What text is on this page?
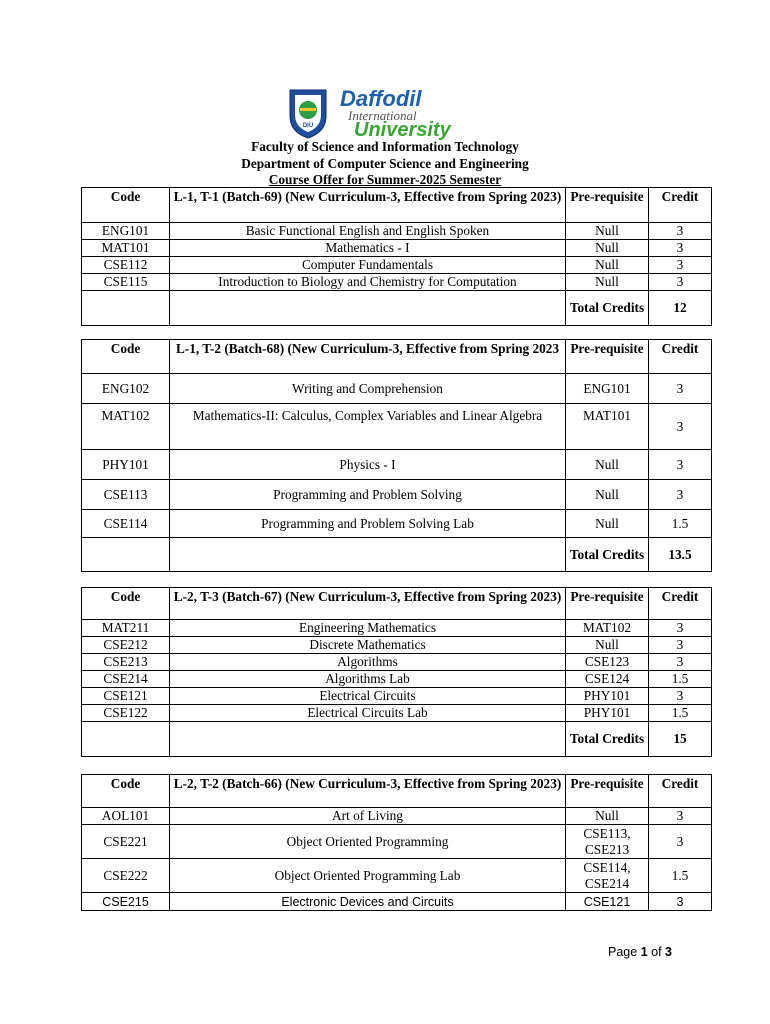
DIU
Daffodil
International
University
Faculty of Science and Information Technology
Department of Computer Science and Engineering
Course Offer for Summer-2025 Semester
Code	L-1, T-1 (Batch-69) (New Curriculum-3, Effective from Spring 2023)	Pre-requisite	Credit
ENG101	Basic Functional English and English Spoken	Null	3
MAT101	Mathematics - I	Null	3
CSE112	Computer Fundamentals	Null	3
CSE115	Introduction to Biology and Chemistry for Computation	Null	3
		Total Credits	12
Code	L-1, T-2 (Batch-68) (New Curriculum-3, Effective from Spring 2023	Pre-requisite	Credit
ENG102	Writing and Comprehension	ENG101	3
MAT102	Mathematics-II: Calculus, Complex Variables and Linear Algebra	MAT101	3
PHY101	Physics - I	Null	3
CSE113	Programming and Problem Solving	Null	3
CSE114	Programming and Problem Solving Lab	Null	1.5
		Total Credits	13.5
Code	L-2, T-3 (Batch-67) (New Curriculum-3, Effective from Spring 2023)	Pre-requisite	Credit
MAT211	Engineering Mathematics	MAT102	3
CSE212	Discrete Mathematics	Null	3
CSE213	Algorithms	CSE123	3
CSE214	Algorithms Lab	CSE124	1.5
CSE121	Electrical Circuits	PHY101	3
CSE122	Electrical Circuits Lab	PHY101	1.5
		Total Credits	15
Code	L-2, T-2 (Batch-66) (New Curriculum-3, Effective from Spring 2023)	Pre-requisite	Credit
AOL101	Art of Living	Null	3
CSE221	Object Oriented Programming	CSE113, CSE213	3
CSE222	Object Oriented Programming Lab	CSE114, CSE214	1.5
CSE215	Electronic Devices and Circuits	CSE121	3
Page 1 of 3
